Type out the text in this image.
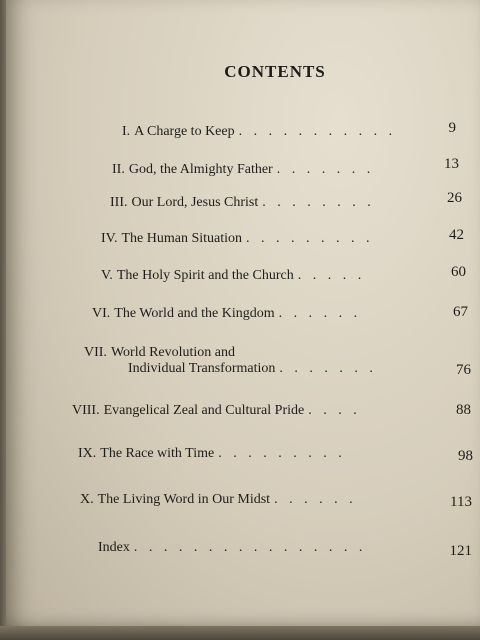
CONTENTS
I. A Charge to Keep . . . . . . . . . . .	9
II. God, the Almighty Father . . . . . . .	13
III. Our Lord, Jesus Christ . . . . . . . .	26
IV. The Human Situation . . . . . . . . .	42
V. The Holy Spirit and the Church . . . . .	60
VI. The World and the Kingdom . . . . . .	67
VII. World Revolution and
Individual Transformation . . . . . . .	76
VIII. Evangelical Zeal and Cultural Pride . . . .	88
IX. The Race with Time . . . . . . . . .	98
X. The Living Word in Our Midst . . . . . .	113
Index . . . . . . . . . . . . . . . .	121
